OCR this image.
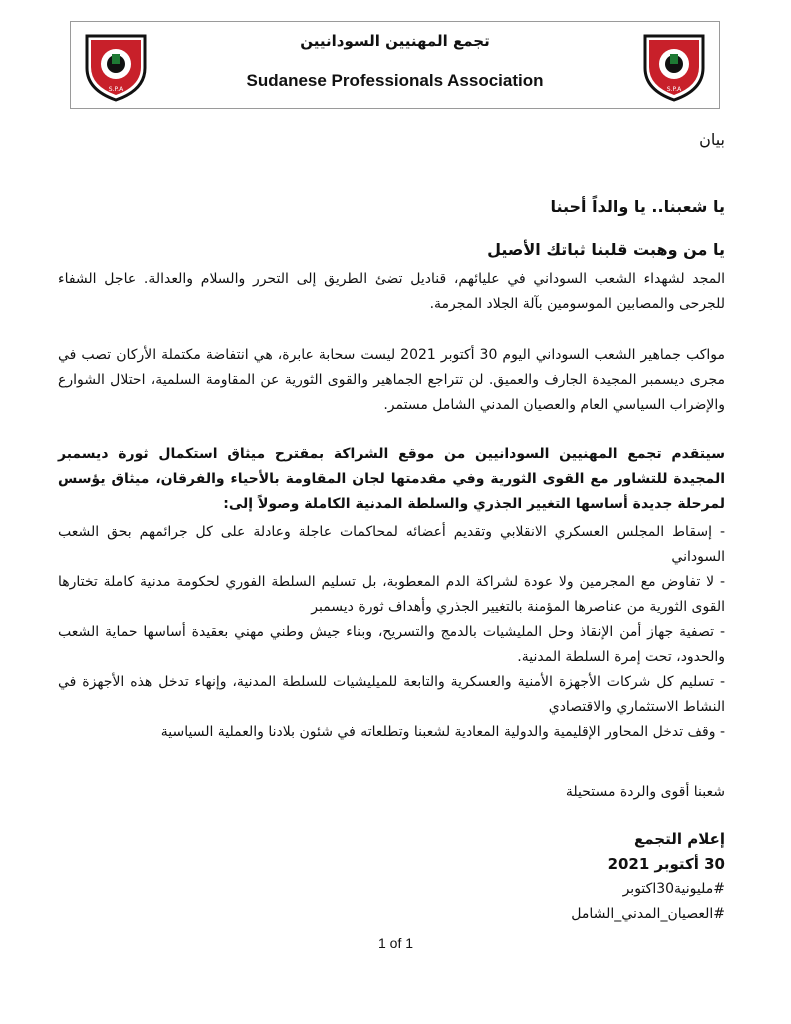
S.P.A
تجمع المهنيين السودانيين
Sudanese Professionals Association	S.P.A

بيان

يا شعبنا.. يا والداً أحبنا

يا من وهبت قلبنا ثباتك الأصيل

المجد لشهداء الشعب السوداني في عليائهم، قناديل تضئ الطريق إلى التحرر والسلام والعدالة. عاجل الشفاء للجرحى والمصابين الموسومين بآلة الجلاد المجرمة.

مواكب جماهير الشعب السوداني اليوم 30 أكتوبر 2021 ليست سحابة عابرة، هي انتفاضة مكتملة الأركان تصب في مجرى ديسمبر المجيدة الجارف والعميق. لن تتراجع الجماهير والقوى الثورية عن المقاومة السلمية، احتلال الشوارع والإضراب السياسي العام والعصيان المدني الشامل مستمر.

سيتقدم تجمع المهنيين السودانيين من موقع الشراكة بمقترح ميثاق استكمال ثورة ديسمبر المجيدة للتشاور مع القوى الثورية وفي مقدمتها لجان المقاومة بالأحياء والفرقان، ميثاق يؤسس لمرحلة جديدة أساسها التغيير الجذري والسلطة المدنية الكاملة وصولاً إلى:

- إسقاط المجلس العسكري الانقلابي وتقديم أعضائه لمحاكمات عاجلة وعادلة على كل جرائمهم بحق الشعب السوداني

- لا تفاوض مع المجرمين ولا عودة لشراكة الدم المعطوبة، بل تسليم السلطة الفوري لحكومة مدنية كاملة تختارها القوى الثورية من عناصرها المؤمنة بالتغيير الجذري وأهداف ثورة ديسمبر

- تصفية جهاز أمن الإنقاذ وحل المليشيات بالدمج والتسريح، وبناء جيش وطني مهني بعقيدة أساسها حماية الشعب والحدود، تحت إمرة السلطة المدنية.

- تسليم كل شركات الأجهزة الأمنية والعسكرية والتابعة للميليشيات للسلطة المدنية، وإنهاء تدخل هذه الأجهزة في النشاط الاستثماري والاقتصادي

- وقف تدخل المحاور الإقليمية والدولية المعادية لشعبنا وتطلعاته في شئون بلادنا والعملية السياسية

شعبنا أقوى والردة مستحيلة

إعلام التجمع

30 أكتوبر 2021

#مليونية30اكتوبر

#العصيان_المدني_الشامل

1 of 1
